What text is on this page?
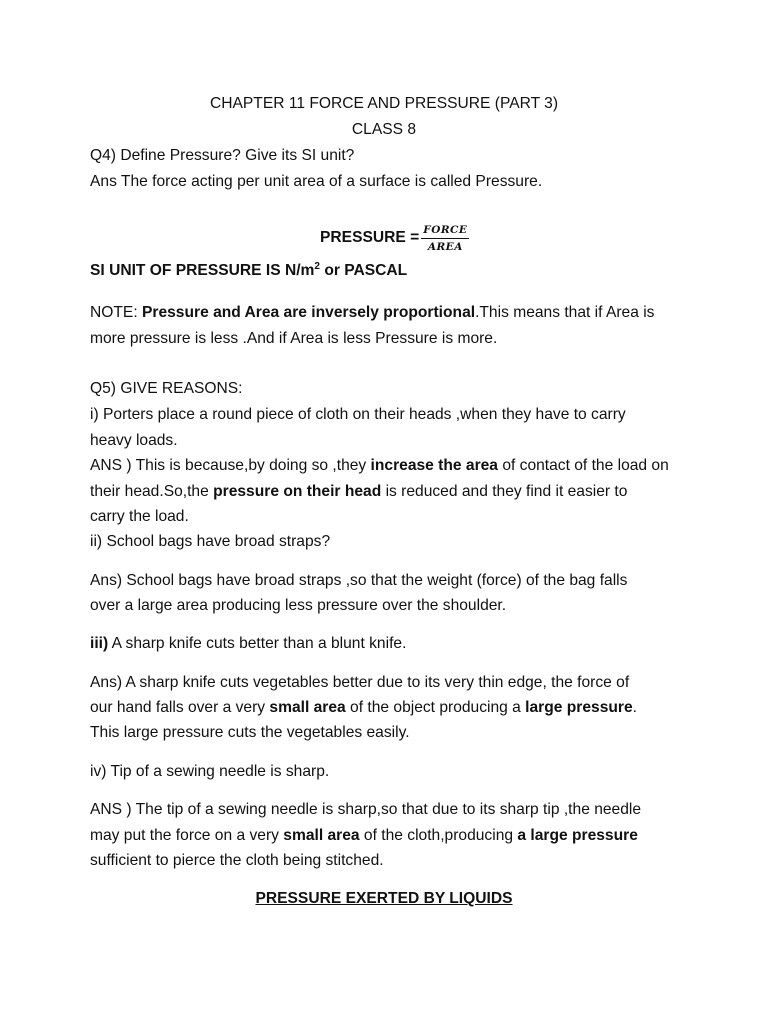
CHAPTER 11 FORCE AND PRESSURE (PART 3)
CLASS 8
Q4) Define Pressure? Give its SI unit?
Ans The force acting per unit area of a surface is called Pressure.
PRESSURE = $\frac{\text{FORCE}}{\text{AREA}}$
SI UNIT OF PRESSURE IS $N/m^2$ or PASCAL
NOTE: Pressure and Area are inversely proportional.This means that if Area is
more pressure is less .And if Area is less Pressure is more.
Q5) GIVE REASONS:
i) Porters place a round piece of cloth on their heads ,when they have to carry
heavy loads.
ANS ) This is because,by doing so ,they increase the area of contact of the load on
their head.So,the pressure on their head is reduced and they find it easier to
carry the load.
ii) School bags have broad straps?
Ans) School bags have broad straps ,so that the weight (force) of the bag falls
over a large area producing less pressure over the shoulder.
iii) A sharp knife cuts better than a blunt knife.
Ans) A sharp knife cuts vegetables better due to its very thin edge, the force of
our hand falls over a very small area of the object producing a large pressure.
This large pressure cuts the vegetables easily.
iv) Tip of a sewing needle is sharp.
ANS ) The tip of a sewing needle is sharp,so that due to its sharp tip ,the needle
may put the force on a very small area of the cloth,producing a large pressure
sufficient to pierce the cloth being stitched.
PRESSURE EXERTED BY LIQUIDS
